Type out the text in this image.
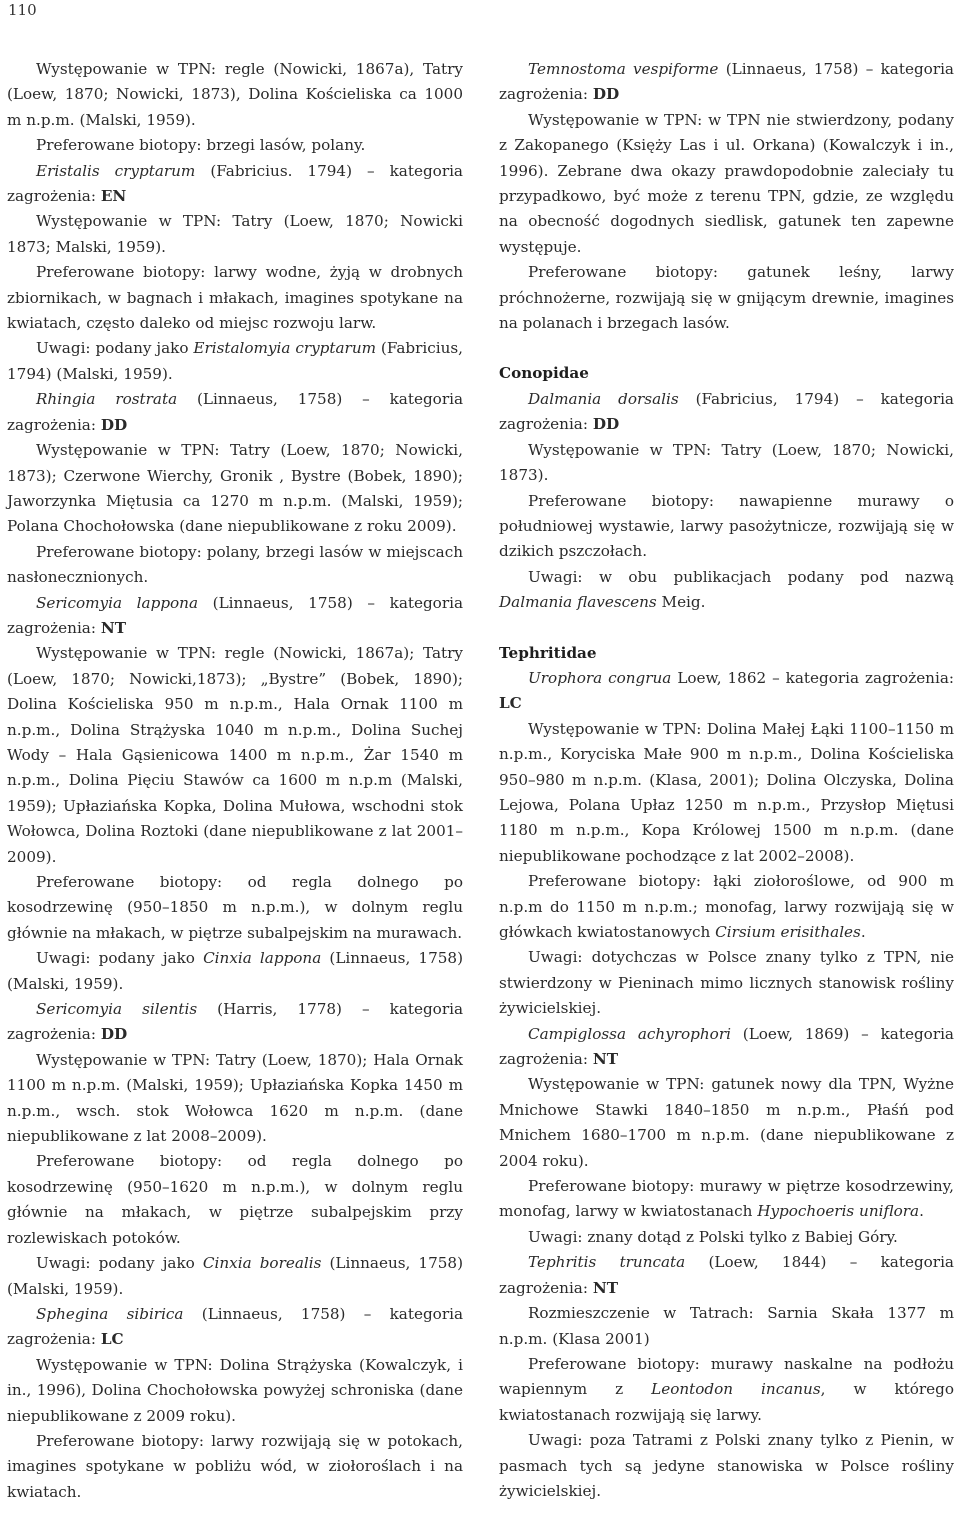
110

Występowanie w TPN: regle (Nowicki, 1867a), Tatry (Loew, 1870; Nowicki, 1873), Dolina Kościeliska ca 1000 m n.p.m. (Malski, 1959).

Preferowane biotopy: brzegi lasów, polany.

Eristalis cryptarum (Fabricius. 1794) – kategoria zagrożenia: EN

Występowanie w TPN: Tatry (Loew, 1870; Nowicki 1873; Malski, 1959).

Preferowane biotopy: larwy wodne, żyją w drobnych zbiornikach, w bagnach i młakach, imagines spotykane na kwiatach, często daleko od miejsc rozwoju larw.

Uwagi: podany jako Eristalomyia cryptarum (Fabricius, 1794) (Malski, 1959).

Rhingia rostrata (Linnaeus, 1758) – kategoria zagrożenia: DD

Występowanie w TPN: Tatry (Loew, 1870; Nowicki, 1873); Czerwone Wierchy, Gronik , Bystre (Bobek, 1890); Jaworzynka Miętusia ca 1270 m n.p.m. (Malski, 1959); Polana Chochołowska (dane niepublikowane z roku 2009).

Preferowane biotopy: polany, brzegi lasów w miejscach nasłonecznionych.

Sericomyia lappona (Linnaeus, 1758) – kategoria zagrożenia: NT

Występowanie w TPN: regle (Nowicki, 1867a); Tatry (Loew, 1870; Nowicki,1873); „Bystre” (Bobek, 1890); Dolina Kościeliska 950 m n.p.m., Hala Ornak 1100 m n.p.m., Dolina Strążyska 1040 m n.p.m., Dolina Suchej Wody – Hala Gąsienicowa 1400 m n.p.m., Żar 1540 m n.p.m., Dolina Pięciu Stawów ca 1600 m n.p.m (Malski, 1959); Upłaziańska Kopka, Dolina Mułowa, wschodni stok Wołowca, Dolina Roztoki (dane niepublikowane z lat 2001–2009).

Preferowane biotopy: od regla dolnego po kosodrzewinę (950–1850 m n.p.m.), w dolnym reglu głównie na młakach, w piętrze subalpejskim na murawach.

Uwagi: podany jako Cinxia lappona (Linnaeus, 1758) (Malski, 1959).

Sericomyia silentis (Harris, 1778) – kategoria zagrożenia: DD

Występowanie w TPN: Tatry (Loew, 1870); Hala Ornak 1100 m n.p.m. (Malski, 1959); Upłaziańska Kopka 1450 m n.p.m., wsch. stok Wołowca 1620 m n.p.m. (dane niepublikowane z lat 2008–2009).

Preferowane biotopy: od regla dolnego po kosodrzewinę (950–1620 m n.p.m.), w dolnym reglu głównie na młakach, w piętrze subalpejskim przy rozlewiskach potoków.

Uwagi: podany jako Cinxia borealis (Linnaeus, 1758) (Malski, 1959).

Sphegina sibirica (Linnaeus, 1758) – kategoria zagrożenia: LC

Występowanie w TPN: Dolina Strążyska (Kowalczyk, i in., 1996), Dolina Chochołowska powyżej schroniska (dane niepublikowane z 2009 roku).

Preferowane biotopy: larwy rozwijają się w potokach, imagines spotykane w pobliżu wód, w ziołoroślach i na kwiatach.

Temnostoma vespiforme (Linnaeus, 1758) – kategoria zagrożenia: DD

Występowanie w TPN: w TPN nie stwierdzony, podany z Zakopanego (Księży Las i ul. Orkana) (Kowalczyk i in., 1996). Zebrane dwa okazy prawdopodobnie zaleciały tu przypadkowo, być może z terenu TPN, gdzie, ze względu na obecność dogodnych siedlisk, gatunek ten zapewne występuje.

Preferowane biotopy: gatunek leśny, larwy próchnożerne, rozwijają się w gnijącym drewnie, imagines na polanach i brzegach lasów.

Conopidae

Dalmania dorsalis (Fabricius, 1794) – kategoria zagrożenia: DD

Występowanie w TPN: Tatry (Loew, 1870; Nowicki, 1873).

Preferowane biotopy: nawapienne murawy o południowej wystawie, larwy pasożytnicze, rozwijają się w dzikich pszczołach.

Uwagi: w obu publikacjach podany pod nazwą Dalmania flavescens Meig.

Tephritidae

Urophora congrua Loew, 1862 – kategoria zagrożenia: LC

Występowanie w TPN: Dolina Małej Łąki 1100–1150 m n.p.m., Koryciska Małe 900 m n.p.m., Dolina Kościeliska 950–980 m n.p.m. (Klasa, 2001); Dolina Olczyska, Dolina Lejowa, Polana Upłaz 1250 m n.p.m., Przysłop Miętusi 1180 m n.p.m., Kopa Królowej 1500 m n.p.m. (dane niepublikowane pochodzące z lat 2002–2008).

Preferowane biotopy: łąki ziołoroślowe, od 900 m n.p.m do 1150 m n.p.m.; monofag, larwy rozwijają się w główkach kwiatostanowych Cirsium erisithales.

Uwagi: dotychczas w Polsce znany tylko z TPN, nie stwierdzony w Pieninach mimo licznych stanowisk rośliny żywicielskiej.

Campiglossa achyrophori (Loew, 1869) – kategoria zagrożenia: NT

Występowanie w TPN: gatunek nowy dla TPN, Wyżne Mnichowe Stawki 1840–1850 m n.p.m., Płaśń pod Mnichem 1680–1700 m n.p.m. (dane niepublikowane z 2004 roku).

Preferowane biotopy: murawy w piętrze kosodrzewiny, monofag, larwy w kwiatostanach Hypochoeris uniflora.

Uwagi: znany dotąd z Polski tylko z Babiej Góry.

Tephritis truncata (Loew, 1844) – kategoria zagrożenia: NT

Rozmieszczenie w Tatrach: Sarnia Skała 1377 m n.p.m. (Klasa 2001)

Preferowane biotopy: murawy naskalne na podłożu wapiennym z Leontodon incanus, w którego kwiatostanach rozwijają się larwy.

Uwagi: poza Tatrami z Polski znany tylko z Pienin, w pasmach tych są jedyne stanowiska w Polsce rośliny żywicielskiej.
